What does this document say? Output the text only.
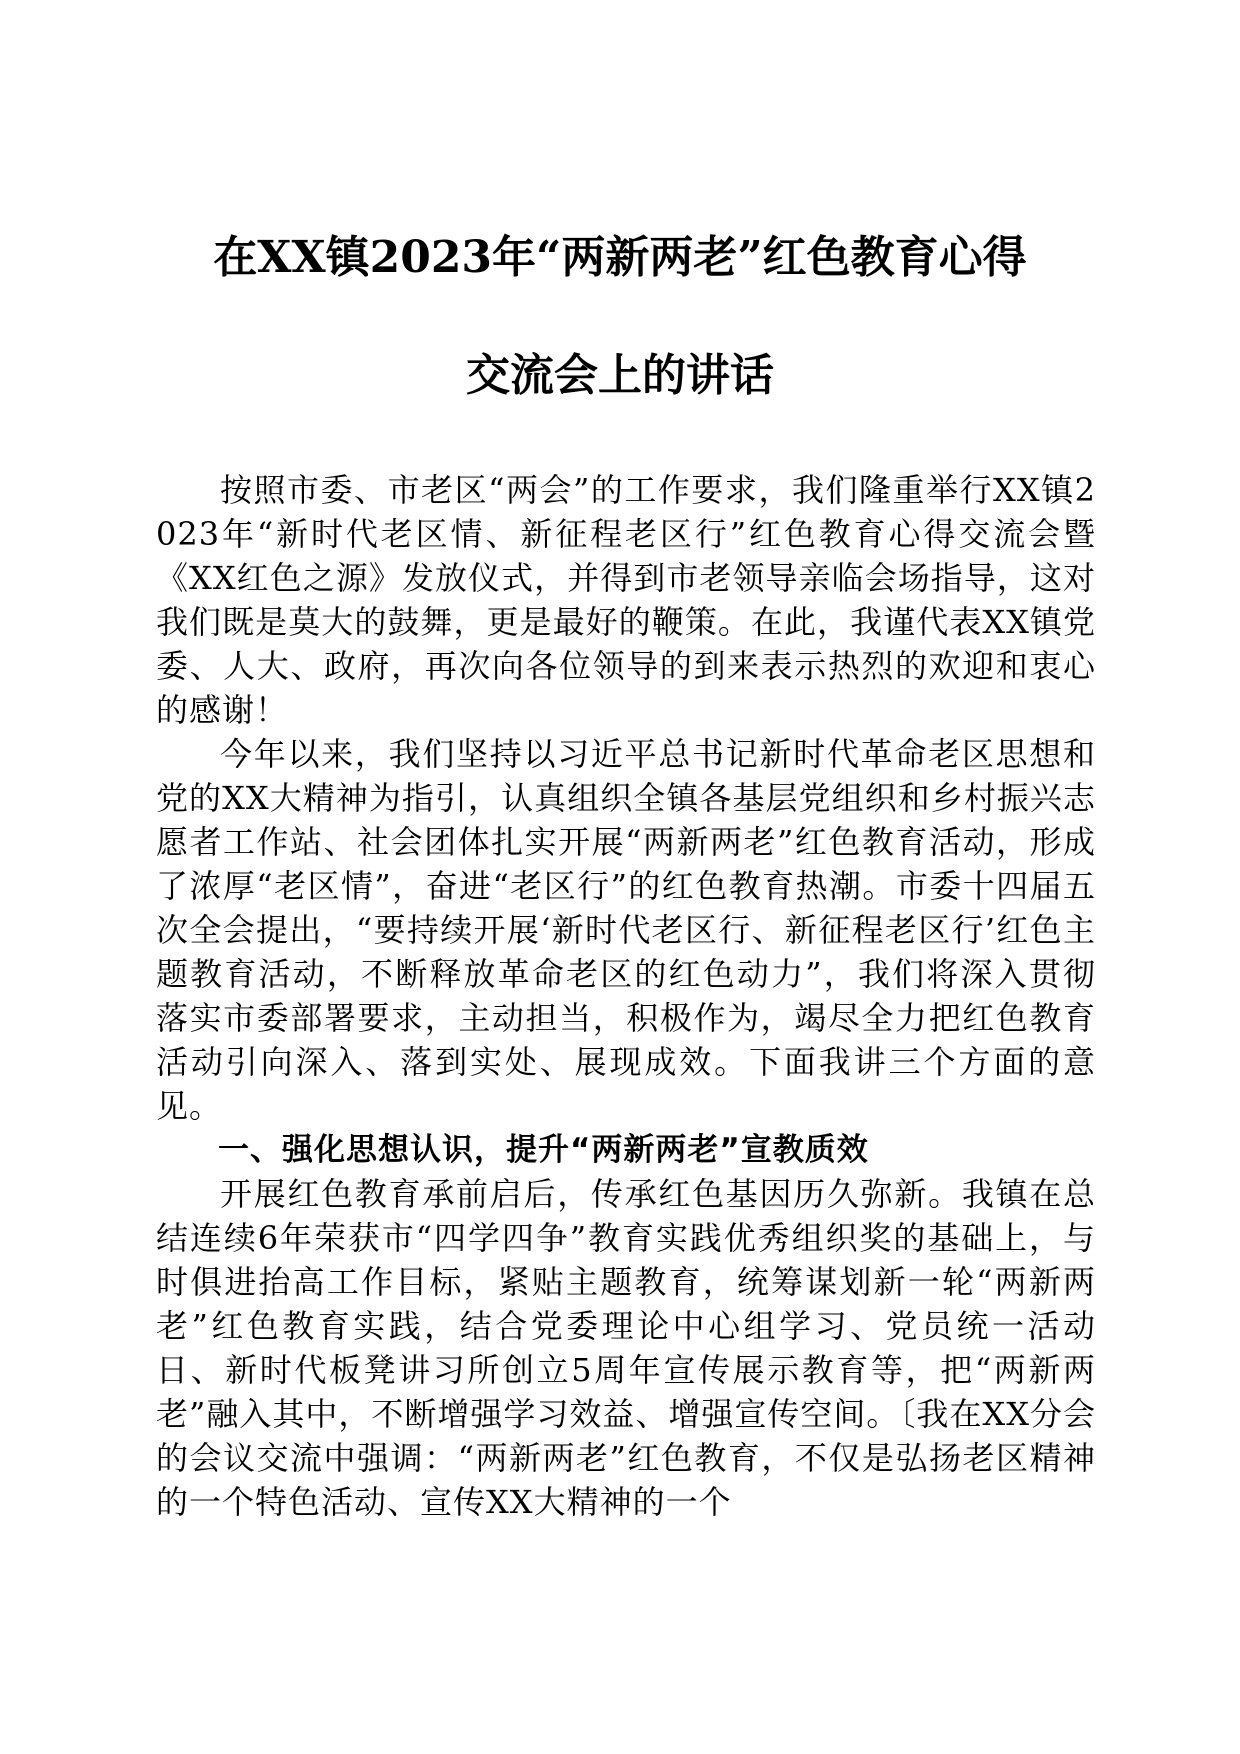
在XX镇2023年“两新两老”红色教育心得
交流会上的讲话

按照市委、市老区“两会”的工作要求，我们隆重举行XX镇2023年“新时代老区情、新征程老区行”红色教育心得交流会暨《XX红色之源》发放仪式，并得到市老领导亲临会场指导，这对我们既是莫大的鼓舞，更是最好的鞭策。在此，我谨代表XX镇党委、人大、政府，再次向各位领导的到来表示热烈的欢迎和衷心的感谢！

今年以来，我们坚持以习近平总书记新时代革命老区思想和党的XX大精神为指引，认真组织全镇各基层党组织和乡村振兴志愿者工作站、社会团体扎实开展“两新两老”红色教育活动，形成了浓厚“老区情”，奋进“老区行”的红色教育热潮。市委十四届五次全会提出，“要持续开展‘新时代老区行、新征程老区行’红色主题教育活动，不断释放革命老区的红色动力”，我们将深入贯彻落实市委部署要求，主动担当，积极作为，竭尽全力把红色教育活动引向深入、落到实处、展现成效。下面我讲三个方面的意见。

一、强化思想认识，提升“两新两老”宣教质效

开展红色教育承前启后，传承红色基因历久弥新。我镇在总结连续6年荣获市“四学四争”教育实践优秀组织奖的基础上，与时俱进抬高工作目标，紧贴主题教育，统筹谋划新一轮“两新两老”红色教育实践，结合党委理论中心组学习、党员统一活动日、新时代板凳讲习所创立5周年宣传展示教育等，把“两新两老”融入其中，不断增强学习效益、增强宣传空间。〔我在XX分会的会议交流中强调：“两新两老”红色教育，不仅是弘扬老区精神的一个特色活动、宣传XX大精神的一个
